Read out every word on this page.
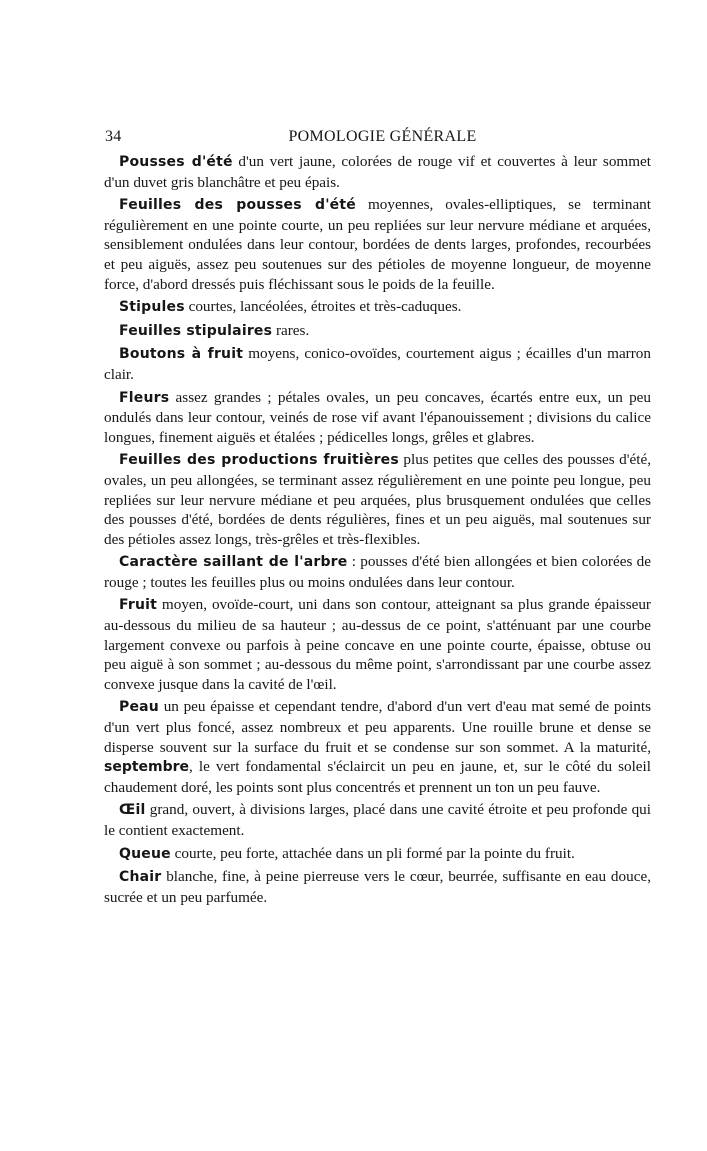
34	POMOLOGIE GÉNÉRALE

Pousses d'été d'un vert jaune, colorées de rouge vif et couvertes à leur sommet d'un duvet gris blanchâtre et peu épais.

Feuilles des pousses d'été moyennes, ovales-elliptiques, se terminant régulièrement en une pointe courte, un peu repliées sur leur nervure médiane et arquées, sensiblement ondulées dans leur contour, bordées de dents larges, profondes, recourbées et peu aiguës, assez peu soutenues sur des pétioles de moyenne longueur, de moyenne force, d'abord dressés puis fléchissant sous le poids de la feuille.

Stipules courtes, lancéolées, étroites et très-caduques.

Feuilles stipulaires rares.

Boutons à fruit moyens, conico-ovoïdes, courtement aigus ; écailles d'un marron clair.

Fleurs assez grandes ; pétales ovales, un peu concaves, écartés entre eux, un peu ondulés dans leur contour, veinés de rose vif avant l'épanouissement ; divisions du calice longues, finement aiguës et étalées ; pédicelles longs, grêles et glabres.

Feuilles des productions fruitières plus petites que celles des pousses d'été, ovales, un peu allongées, se terminant assez régulièrement en une pointe peu longue, peu repliées sur leur nervure médiane et peu arquées, plus brusquement ondulées que celles des pousses d'été, bordées de dents régulières, fines et un peu aiguës, mal soutenues sur des pétioles assez longs, très-grêles et très-flexibles.

Caractère saillant de l'arbre : pousses d'été bien allongées et bien colorées de rouge ; toutes les feuilles plus ou moins ondulées dans leur contour.

Fruit moyen, ovoïde-court, uni dans son contour, atteignant sa plus grande épaisseur au-dessous du milieu de sa hauteur ; au-dessus de ce point, s'atténuant par une courbe largement convexe ou parfois à peine concave en une pointe courte, épaisse, obtuse ou peu aiguë à son sommet ; au-dessous du même point, s'arrondissant par une courbe assez convexe jusque dans la cavité de l'œil.

Peau un peu épaisse et cependant tendre, d'abord d'un vert d'eau mat semé de points d'un vert plus foncé, assez nombreux et peu apparents. Une rouille brune et dense se disperse souvent sur la surface du fruit et se condense sur son sommet. A la maturité, septembre, le vert fondamental s'éclaircit un peu en jaune, et, sur le côté du soleil chaudement doré, les points sont plus concentrés et prennent un ton un peu fauve.

Œil grand, ouvert, à divisions larges, placé dans une cavité étroite et peu profonde qui le contient exactement.

Queue courte, peu forte, attachée dans un pli formé par la pointe du fruit.

Chair blanche, fine, à peine pierreuse vers le cœur, beurrée, suffisante en eau douce, sucrée et un peu parfumée.
